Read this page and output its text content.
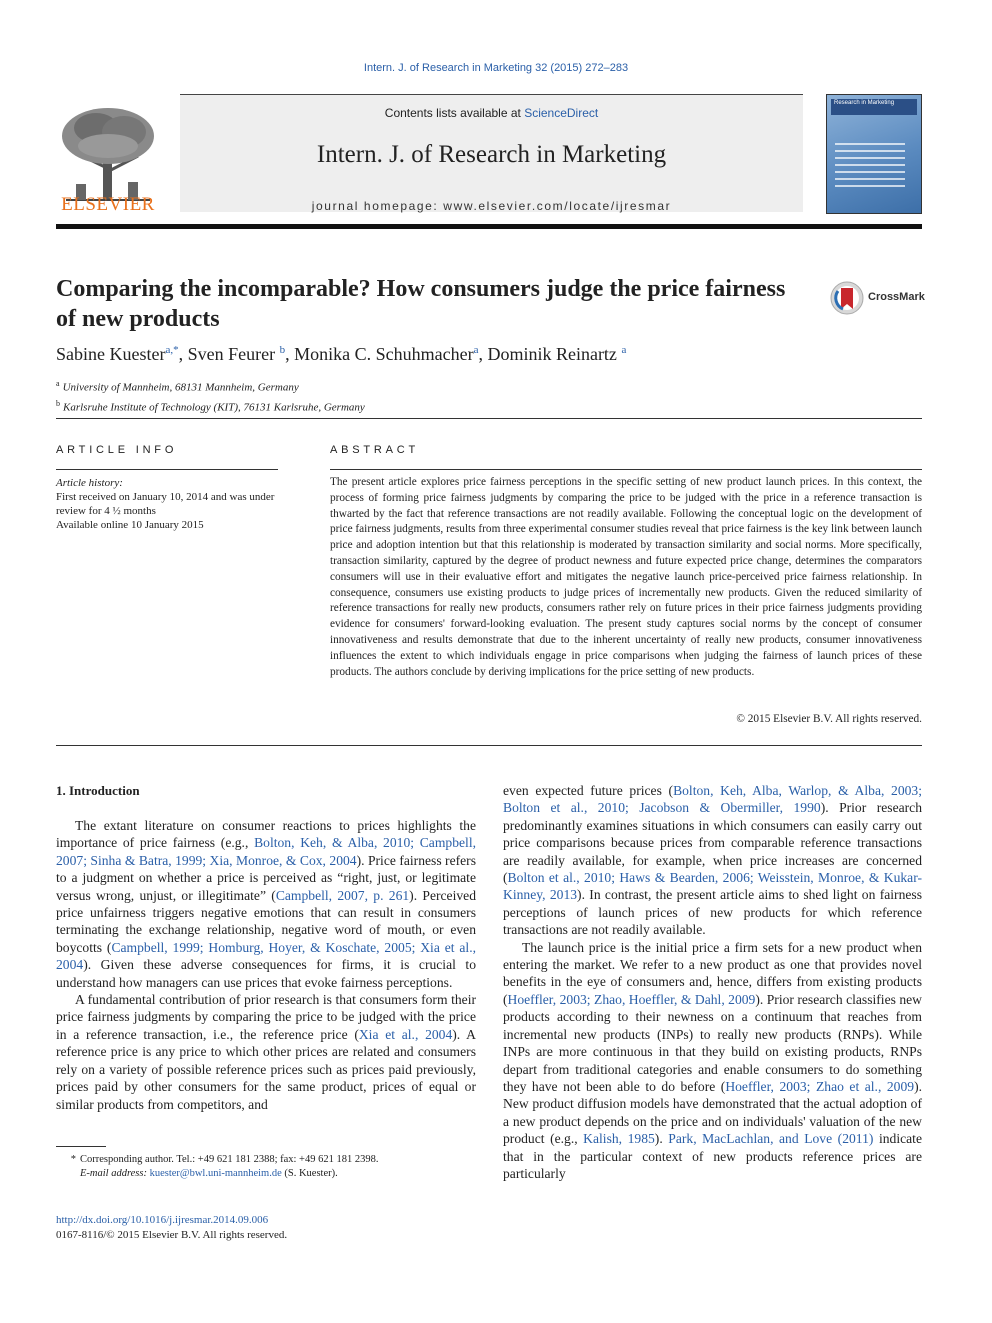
Intern. J. of Research in Marketing 32 (2015) 272–283
ELSEVIER
Contents lists available at ScienceDirect
Intern. J. of Research in Marketing
journal homepage: www.elsevier.com/locate/ijresmar
Research in Marketing
Comparing the incomparable? How consumers judge the price fairness of new products
CrossMark
Sabine Kuester$^{a,*}$, Sven Feurer $^b$, Monika C. Schuhmacher$^a$, Dominik Reinartz $^a$
$^a$ University of Mannheim, 68131 Mannheim, Germany
$^b$ Karlsruhe Institute of Technology (KIT), 76131 Karlsruhe, Germany
ARTICLE INFO	ABSTRACT
Article history:
First received on January 10, 2014 and was under review for 4 ½ months
Available online 10 January 2015
The present article explores price fairness perceptions in the specific setting of new product launch prices. In this context, the process of forming price fairness judgments by comparing the price to be judged with the price in a reference transaction is thwarted by the fact that reference transactions are not readily available. Following the conceptual logic on the development of price fairness judgments, results from three experimental consumer studies reveal that price fairness is the key link between launch price and adoption intention but that this relationship is moderated by transaction similarity and social norms. More specifically, transaction similarity, captured by the degree of product newness and future expected price change, determines the comparators consumers will use in their evaluative effort and mitigates the negative launch price-perceived price fairness relationship. In consequence, consumers use existing products to judge prices of incrementally new products. Given the reduced similarity of reference transactions for really new products, consumers rather rely on future prices in their price fairness judgments providing evidence for consumers' forward-looking evaluation. The present study captures social norms by the concept of consumer innovativeness and results demonstrate that due to the inherent uncertainty of really new products, consumer innovativeness influences the extent to which individuals engage in price comparisons when judging the fairness of launch prices of these products. The authors conclude by deriving implications for the price setting of new products.
© 2015 Elsevier B.V. All rights reserved.
1. Introduction

The extant literature on consumer reactions to prices highlights the importance of price fairness (e.g., Bolton, Keh, & Alba, 2010; Campbell, 2007; Sinha & Batra, 1999; Xia, Monroe, & Cox, 2004). Price fairness refers to a judgment on whether a price is perceived as “right, just, or legitimate versus wrong, unjust, or illegitimate” (Campbell, 2007, p. 261). Perceived price unfairness triggers negative emotions that can result in consumers terminating the exchange relationship, negative word of mouth, or even boycotts (Campbell, 1999; Homburg, Hoyer, & Koschate, 2005; Xia et al., 2004). Given these adverse consequences for firms, it is crucial to understand how managers can use prices that evoke fairness perceptions.

A fundamental contribution of prior research is that consumers form their price fairness judgments by comparing the price to be judged with the price in a reference transaction, i.e., the reference price (Xia et al., 2004). A reference price is any price to which other prices are related and consumers rely on a variety of possible reference prices such as prices paid previously, prices paid by other consumers for the same product, prices of equal or similar products from competitors, and

even expected future prices (Bolton, Keh, Alba, Warlop, & Alba, 2003; Bolton et al., 2010; Jacobson & Obermiller, 1990). Prior research predominantly examines situations in which consumers can easily carry out price comparisons because prices from comparable reference transactions are readily available, for example, when price increases are concerned (Bolton et al., 2010; Haws & Bearden, 2006; Weisstein, Monroe, & Kukar-Kinney, 2013). In contrast, the present article aims to shed light on fairness perceptions of launch prices of new products for which reference transactions are not readily available.

The launch price is the initial price a firm sets for a new product when entering the market. We refer to a new product as one that provides novel benefits in the eye of consumers and, hence, differs from existing products (Hoeffler, 2003; Zhao, Hoeffler, & Dahl, 2009). Prior research classifies new products according to their newness on a continuum that reaches from incremental new products (INPs) to really new products (RNPs). While INPs are more continuous in that they build on existing products, RNPs depart from traditional categories and enable consumers to do something they have not been able to do before (Hoeffler, 2003; Zhao et al., 2009). New product diffusion models have demonstrated that the actual adoption of a new product depends on the price and on individuals' valuation of the new product (e.g., Kalish, 1985). Park, MacLachlan, and Love (2011) indicate that in the particular context of new products reference prices are particularly

* Corresponding author. Tel.: +49 621 181 2388; fax: +49 621 181 2398.
E-mail address: kuester@bwl.uni-mannheim.de (S. Kuester).
http://dx.doi.org/10.1016/j.ijresmar.2014.09.006
0167-8116/© 2015 Elsevier B.V. All rights reserved.
